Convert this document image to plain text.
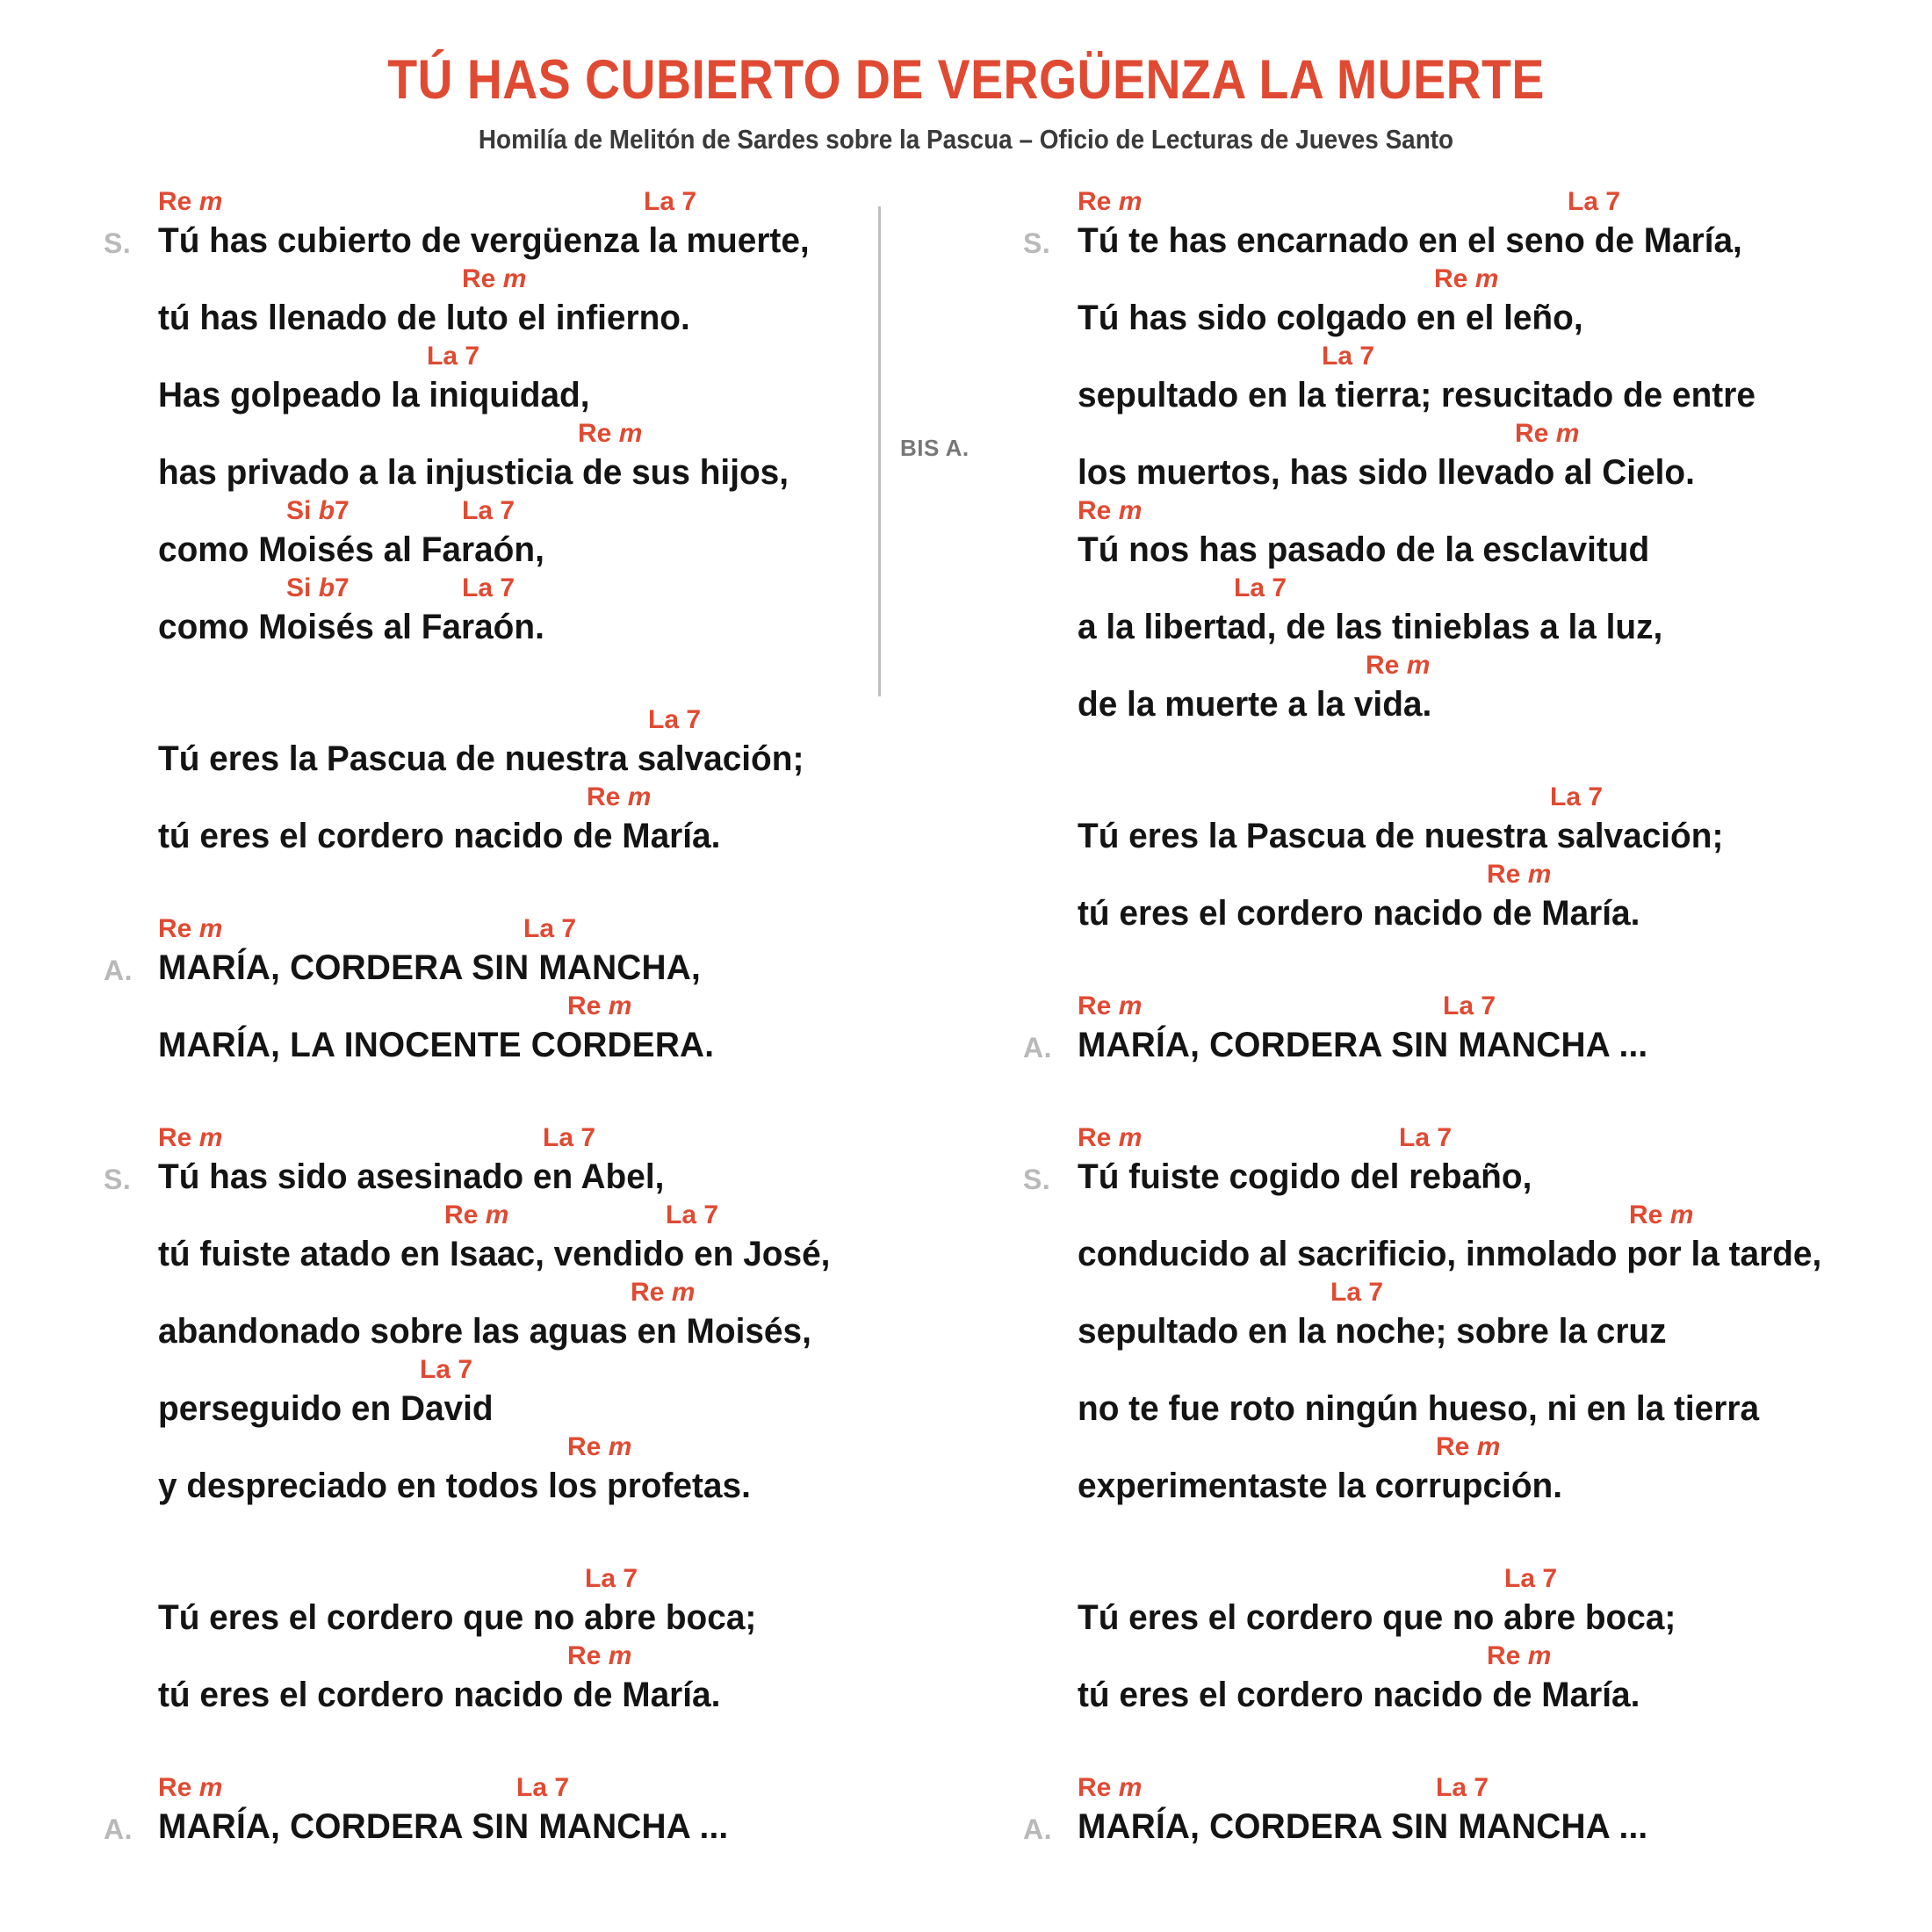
TÚ HAS CUBIERTO DE VERGÜENZA LA MUERTE
Homilía de Melitón de Sardes sobre la Pascua – Oficio de Lecturas de Jueves Santo
BIS A.
Re m	La 7
S. Tú has cubierto de vergüenza la muerte,
Re m
tú has llenado de luto el infierno.
La 7
Has golpeado la iniquidad,
Re m
has privado a la injusticia de sus hijos,
Si b7	La 7
como Moisés al Faraón,
Si b7	La 7
como Moisés al Faraón.
La 7
Tú eres la Pascua de nuestra salvación;
Re m
tú eres el cordero nacido de María.
Re m	La 7
A. MARÍA, CORDERA SIN MANCHA,
Re m
MARÍA, LA INOCENTE CORDERA.
Re m	La 7
S. Tú has sido asesinado en Abel,
Re m	La 7
tú fuiste atado en Isaac, vendido en José,
Re m
abandonado sobre las aguas en Moisés,
La 7
perseguido en David
Re m
y despreciado en todos los profetas.
La 7
Tú eres el cordero que no abre boca;
Re m
tú eres el cordero nacido de María.
Re m	La 7
A. MARÍA, CORDERA SIN MANCHA ...
Re m	La 7
S. Tú te has encarnado en el seno de María,
Re m
Tú has sido colgado en el leño,
La 7
sepultado en la tierra; resucitado de entre
Re m
los muertos, has sido llevado al Cielo.
Re m
Tú nos has pasado de la esclavitud
La 7
a la libertad, de las tinieblas a la luz,
Re m
de la muerte a la vida.
La 7
Tú eres la Pascua de nuestra salvación;
Re m
tú eres el cordero nacido de María.
Re m	La 7
A. MARÍA, CORDERA SIN MANCHA ...
Re m	La 7
S. Tú fuiste cogido del rebaño,
Re m
conducido al sacrificio, inmolado por la tarde,
La 7
sepultado en la noche; sobre la cruz
no te fue roto ningún hueso, ni en la tierra
Re m
experimentaste la corrupción.
La 7
Tú eres el cordero que no abre boca;
Re m
tú eres el cordero nacido de María.
Re m	La 7
A. MARÍA, CORDERA SIN MANCHA ...
